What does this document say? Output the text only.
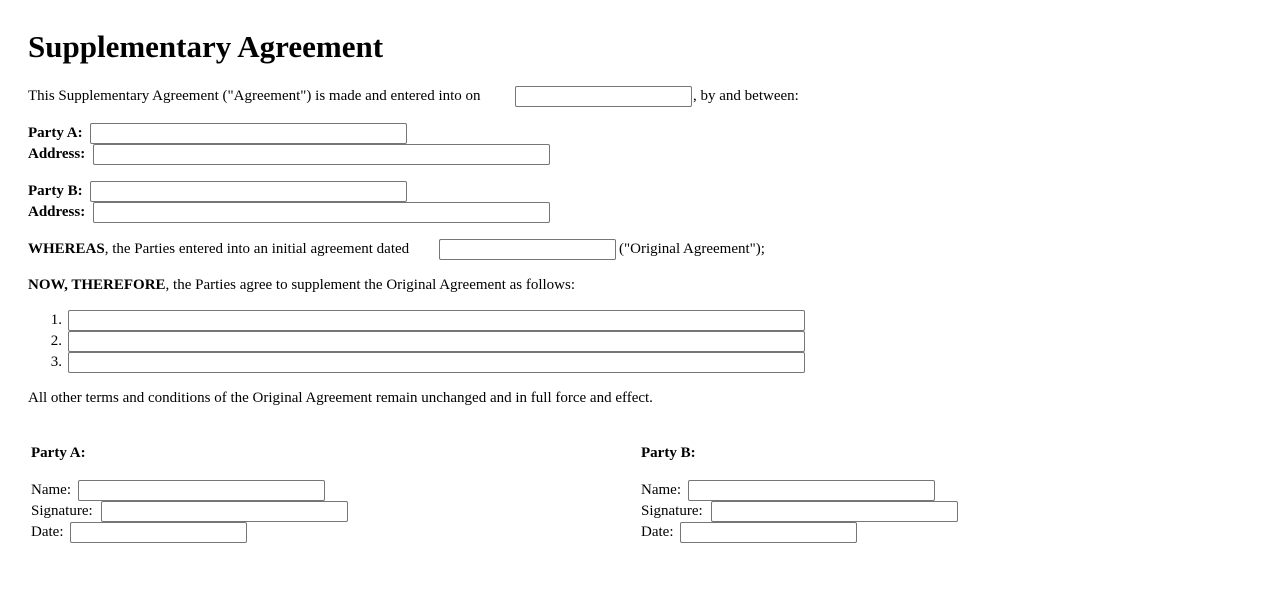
Supplementary Agreement
This Supplementary Agreement ("Agreement") is made and entered into on	, by and between:
Party A:
Address:
Party B:
Address:
WHEREAS, the Parties entered into an initial agreement dated	("Original Agreement");
NOW, THEREFORE, the Parties agree to supplement the Original Agreement as follows:
1.
2.
3.
All other terms and conditions of the Original Agreement remain unchanged and in full force and effect.
Party A:
Name:
Signature:
Date:
Party B:
Name:
Signature:
Date:
